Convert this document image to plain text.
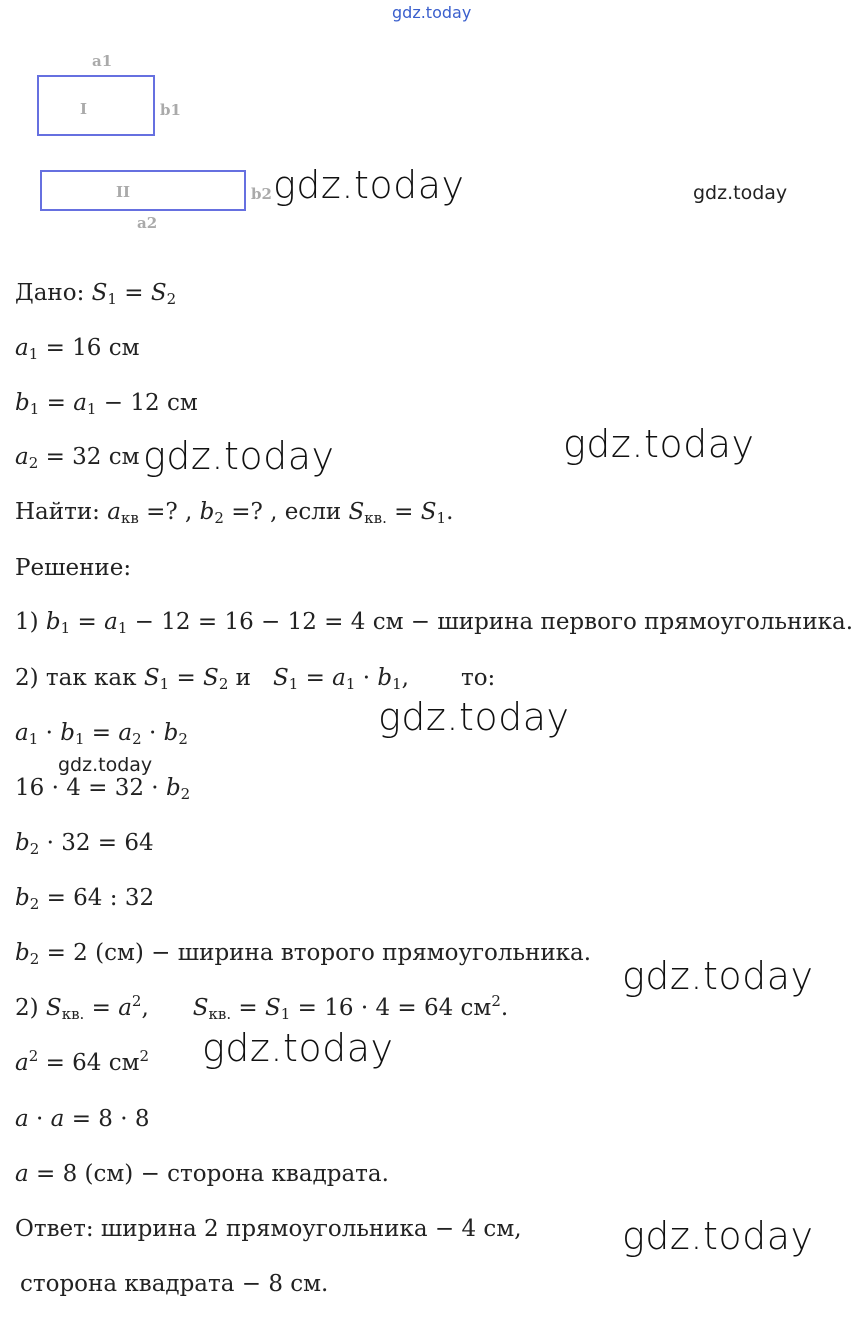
gdz.today
gdz.today	gdz.today
gdz.today	gdz.today
gdz.today
gdz.today
gdz.today
gdz.today
gdz.today
a1
I	b1
II	b2
a2
Дано: $S_1 = S_2$
$a_1 = 16$ см
$b_1 = a_1 - 12$ см
$a_2 = 32$ см
Найти: $a_{кв}$ =? , $b_2$ =? , если $S_{кв.} = S_1$.
Решение:
1) $b_1 = a_1 - 12 = 16 - 12 = 4$ см − ширина первого прямоугольника.
2) так как $S_1 = S_2$ и $S_1 = a_1 \cdot b_1$, то:
$a_1 \cdot b_1 = a_2 \cdot b_2$
$16 \cdot 4 = 32 \cdot b_2$
$b_2 \cdot 32 = 64$
$b_2 = 64$ : 32
$b_2 = 2$ (см) − ширина второго прямоугольника.
2) $S_{кв.} = a^2$, $S_{кв.} = S_1 = 16 \cdot 4 = 64$ $см^2$.
$a^2 = 64$ $см^2$
a · a = 8 · 8
a = 8 (см) − сторона квадрата.
Ответ: ширина 2 прямоугольника − 4 см,
сторона квадрата − 8 см.
